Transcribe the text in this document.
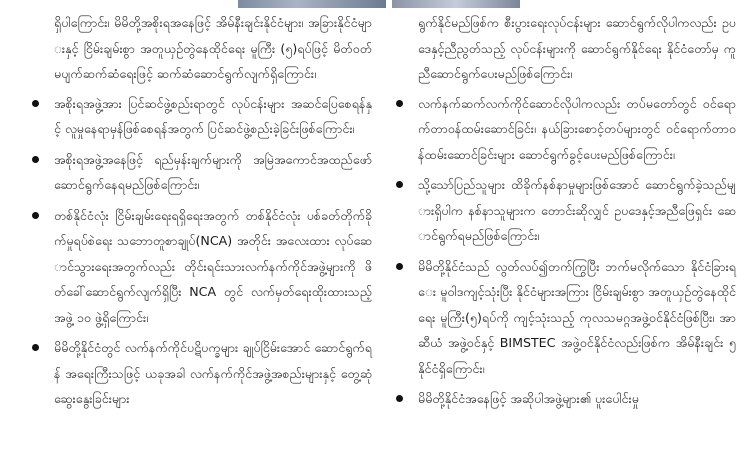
ရှိပါကြောင်း၊ မိမိတို့အစိုးရအနေဖြင့် အိမ်နီးချင်းနိုင်ငံများ၊ အခြားနိုင်ငံများနှင့် ငြိမ်းချမ်းစွာ အတူယှဉ်တွဲနေထိုင်ရေး မူကြီး (၅)ရပ်ဖြင့် မိတ်ဝတ်မပျက်ဆက်ဆံရေးဖြင့် ဆက်ဆံဆောင်ရွက်လျက်ရှိကြောင်း၊

အစိုးရအဖွဲ့အား ပြင်ဆင်ဖွဲ့စည်းရာတွင် လုပ်ငန်းများ အဆင်ပြေစေရန်နှင့် လူမှုနေရာမှန်ဖြစ်စေရန်အတွက် ပြင်ဆင်ဖွဲ့စည်းခဲ့ခြင်းဖြစ်ကြောင်း၊
အစိုးရအဖွဲ့အနေဖြင့် ရည်မှန်းချက်များကို အမြဲအကောင်အထည်ဖော် ဆောင်ရွက်နေရမည်ဖြစ်ကြောင်း၊
တစ်နိုင်ငံလုံး ငြိမ်းချမ်းရေးရရှိရေးအတွက် တစ်နိုင်ငံလုံး ပစ်ခတ်တိုက်ခိုက်မှုရပ်စဲရေး သဘောတူစာချုပ်(NCA) အတိုင်း အလေးထား လုပ်ဆောင်သွားရေးအတွက်လည်း တိုင်းရင်းသားလက်နက်ကိုင်အဖွဲ့များကို ဖိတ်ခေါ်ဆောင်ရွက်လျက်ရှိပြီး NCA တွင် လက်မှတ်ရေးထိုးထားသည့် အဖွဲ့ ၁၀ ဖွဲ့ရှိကြောင်း၊
မိမိတို့နိုင်ငံတွင် လက်နက်ကိုင်ပဋိပက္ခများ ချုပ်ငြိမ်းအောင် ဆောင်ရွက်ရန် အရေးကြီးသဖြင့် ယခုအခါ လက်နက်ကိုင်အဖွဲ့အစည်းများနှင့် တွေ့ဆုံဆွေးနွေးခြင်းများ

ရွက်နိုင်မည်ဖြစ်က စီးပွားရေးလုပ်ငန်းများ ဆောင်ရွက်လိုပါကလည်း ဥပဒေနှင့်ညီညွတ်သည့် လုပ်ငန်းများကို ဆောင်ရွက်နိုင်ရေး နိုင်ငံတော်မှ ကူညီဆောင်ရွက်ပေးမည်ဖြစ်ကြောင်း၊

လက်နက်ဆက်လက်ကိုင်ဆောင်လိုပါကလည်း တပ်မတော်တွင် ဝင်ရောက်တာဝန်ထမ်းဆောင်ခြင်း၊ နယ်ခြားစောင့်တပ်များတွင် ဝင်ရောက်တာဝန်ထမ်းဆောင်ခြင်းများ ဆောင်ရွက်ခွင့်ပေးမည်ဖြစ်ကြောင်း၊
သို့သော်ပြည်သူများ ထိခိုက်နစ်နာမှုများဖြစ်အောင် ဆောင်ရွက်ခဲ့သည်များရှိပါက နစ်နာသူများက တောင်းဆိုလျှင် ဥပဒေနှင့်အညီဖြေရှင်း ဆောင်ရွက်ရမည်ဖြစ်ကြောင်း၊
မိမိတို့နိုင်ငံသည် လွတ်လပ်၍တက်ကြွပြီး ဘက်မလိုက်သော နိုင်ငံခြားရေး မူဝါဒကျင့်သုံးပြီး နိုင်ငံများအကြား ငြိမ်းချမ်းစွာ အတူယှဉ်တွဲနေထိုင်ရေး မူကြီး(၅)ရပ်ကို ကျင့်သုံးသည့် ကုလသမဂ္ဂအဖွဲ့ဝင်နိုင်ငံဖြစ်ပြီး၊ အာဆီယံ အဖွဲ့ဝင်နှင့် BIMSTEC အဖွဲ့ဝင်နိုင်ငံလည်းဖြစ်က အိမ်နီးချင်း ၅ နိုင်ငံရှိကြောင်း၊
မိမိတို့နိုင်ငံအနေဖြင့် အဆိုပါအဖွဲ့များ၏ ပူးပေါင်းမှု
